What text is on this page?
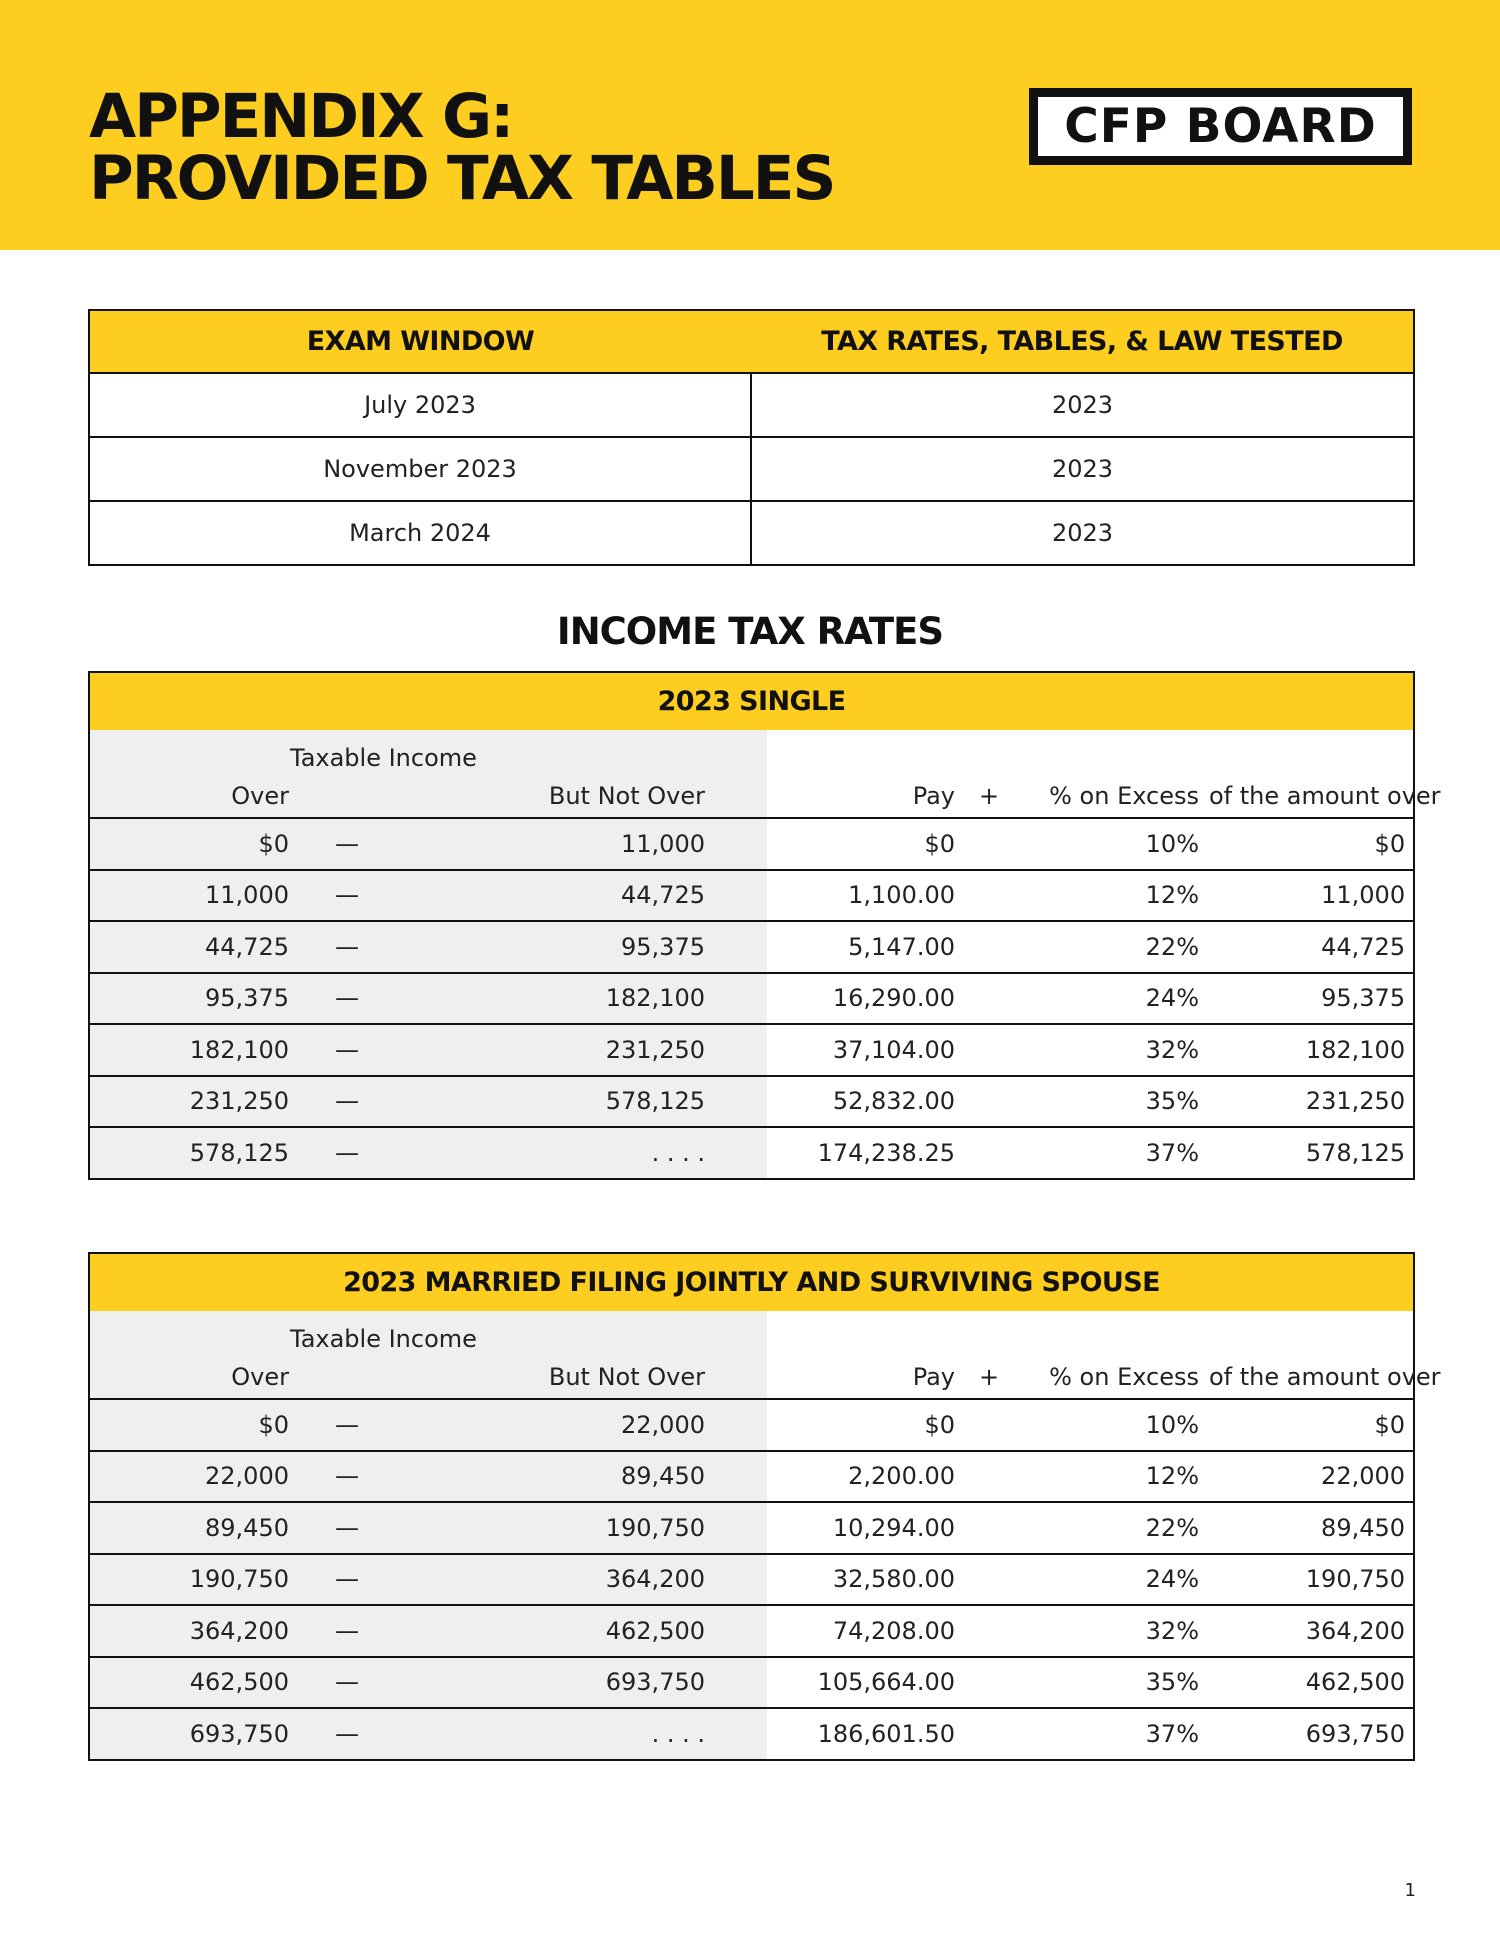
APPENDIX G:
PROVIDED TAX TABLES
CFP BOARD
EXAM WINDOW	TAX RATES, TABLES, & LAW TESTED
July 2023	2023
November 2023	2023
March 2024	2023
INCOME TAX RATES
2023 SINGLE						
Taxable Income						
Over		But Not Over	Pay	+	% on Excess	of the amount over
$0	—	11,000	$0		10%	$0
11,000	—	44,725	1,100.00		12%	11,000
44,725	—	95,375	5,147.00		22%	44,725
95,375	—	182,100	16,290.00		24%	95,375
182,100	—	231,250	37,104.00		32%	182,100
231,250	—	578,125	52,832.00		35%	231,250
578,125	—	. . . .	174,238.25		37%	578,125
2023 MARRIED FILING JOINTLY AND SURVIVING SPOUSE						
Taxable Income						
Over		But Not Over	Pay	+	% on Excess	of the amount over
$0	—	22,000	$0		10%	$0
22,000	—	89,450	2,200.00		12%	22,000
89,450	—	190,750	10,294.00		22%	89,450
190,750	—	364,200	32,580.00		24%	190,750
364,200	—	462,500	74,208.00		32%	364,200
462,500	—	693,750	105,664.00		35%	462,500
693,750	—	. . . .	186,601.50		37%	693,750
1
